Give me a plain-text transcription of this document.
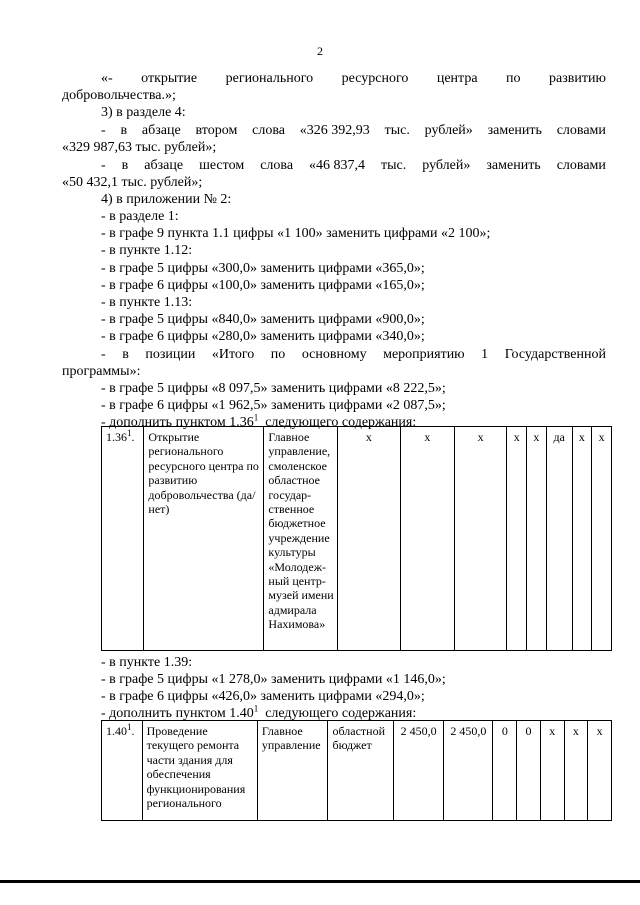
2
«- открытие регионального ресурсного центра по развитию
добровольчества.»;
3) в разделе 4:
- в абзаце втором слова «326 392,93 тыс. рублей» заменить словами
«329 987,63 тыс. рублей»;
- в абзаце шестом слова «46 837,4 тыс. рублей» заменить словами
«50 432,1 тыс. рублей»;
4) в приложении № 2:
- в разделе 1:
- в графе 9 пункта 1.1 цифры «1 100» заменить цифрами «2 100»;
- в пункте 1.12:
- в графе 5 цифры «300,0» заменить цифрами «365,0»;
- в графе 6 цифры «100,0» заменить цифрами «165,0»;
- в пункте 1.13:
- в графе 5 цифры «840,0» заменить цифрами «900,0»;
- в графе 6 цифры «280,0» заменить цифрами «340,0»;
- в позиции «Итого по основному мероприятию 1 Государственной
программы»:
- в графе 5 цифры «8 097,5» заменить цифрами «8 222,5»;
- в графе 6 цифры «1 962,5» заменить цифрами «2 087,5»;
- дополнить пунктом 1.36$^1$  следующего содержания:
1.36$^1$.	Открытие регионального ресурсного центра по развитию добровольчества (да/нет)	Главное управление, смоленское областное государ-ственное бюджетное учреждение культуры «Молодеж-ный центр-музей имени адмирала Нахимова»	х	х	х	х	х	да	х	х
- в пункте 1.39:
- в графе 5 цифры «1 278,0» заменить цифрами «1 146,0»;
- в графе 6 цифры «426,0» заменить цифрами «294,0»;
- дополнить пунктом 1.40$^1$  следующего содержания:
1.40$^1$.	Проведение текущего ремонта части здания для обеспечения функционирования регионального	Главное управление	областной бюджет	2 450,0	2 450,0	0	0	х	х	х
